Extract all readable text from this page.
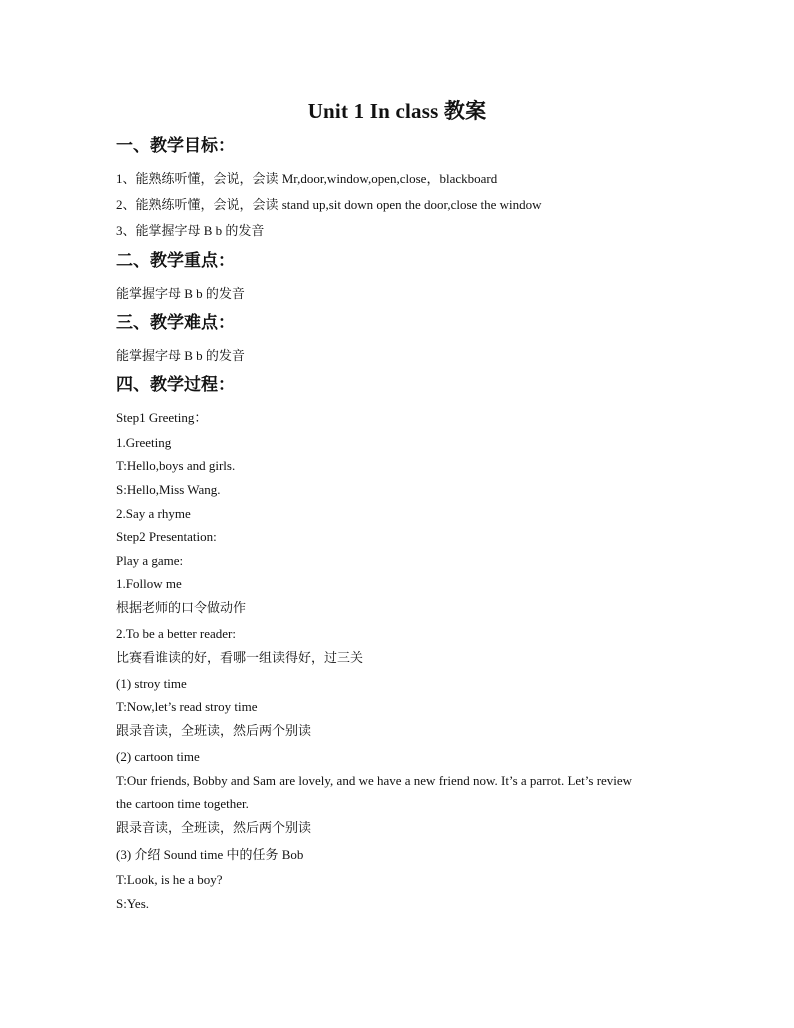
Unit 1 In class 教案
一、教学目标：
1、能熟练听懂，会说，会读 Mr,door,window,open,close，blackboard
2、能熟练听懂，会说，会读 stand up,sit down open the door,close the window
3、能掌握字母 B b 的发音
二、教学重点：
能掌握字母 B b 的发音
三、教学难点：
能掌握字母 B b 的发音
四、教学过程：
Step1 Greeting：
1.Greeting
T:Hello,boys and girls.
S:Hello,Miss Wang.
2.Say a rhyme
Step2 Presentation:
Play a game:
1.Follow me
根据老师的口令做动作
2.To be a better reader:
比赛看谁读的好，看哪一组读得好，过三关
(1) stroy time
T:Now,let’s read stroy time
跟录音读，全班读，然后两个别读
(2) cartoon time
T:Our friends, Bobby and Sam are lovely, and we have a new friend now. It’s a parrot. Let’s review
the cartoon time together.
跟录音读，全班读，然后两个别读
(3) 介绍 Sound time 中的任务 Bob
T:Look, is he a boy?
S:Yes.
